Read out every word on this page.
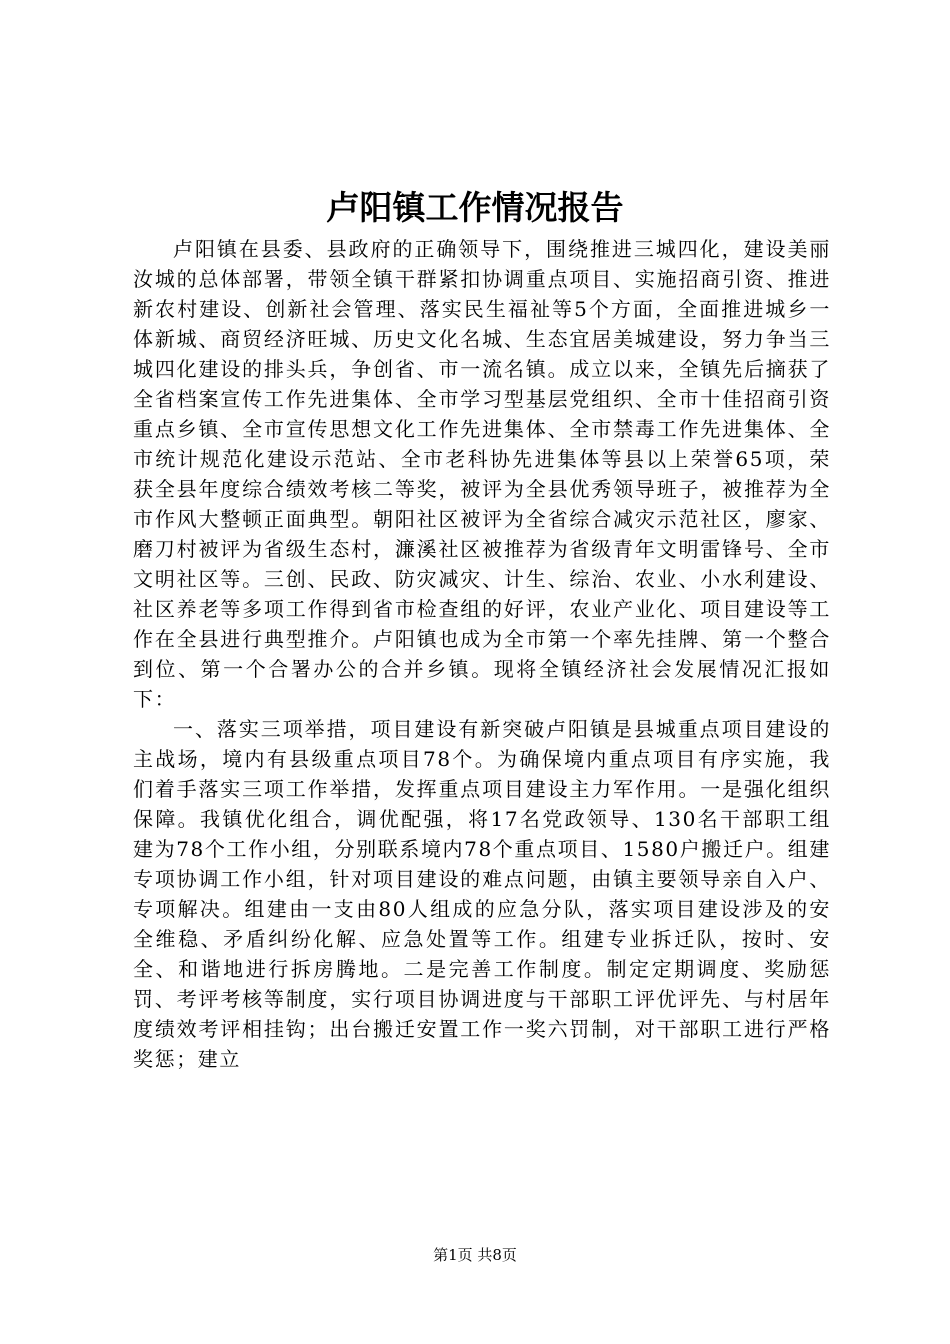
卢阳镇工作情况报告

卢阳镇在县委、县政府的正确领导下，围绕推进三城四化，建设美丽汝城的总体部署，带领全镇干群紧扣协调重点项目、实施招商引资、推进新农村建设、创新社会管理、落实民生福祉等5个方面，全面推进城乡一体新城、商贸经济旺城、历史文化名城、生态宜居美城建设，努力争当三城四化建设的排头兵，争创省、市一流名镇。成立以来，全镇先后摘获了全省档案宣传工作先进集体、全市学习型基层党组织、全市十佳招商引资重点乡镇、全市宣传思想文化工作先进集体、全市禁毒工作先进集体、全市统计规范化建设示范站、全市老科协先进集体等县以上荣誉65项，荣获全县年度综合绩效考核二等奖，被评为全县优秀领导班子，被推荐为全市作风大整顿正面典型。朝阳社区被评为全省综合减灾示范社区，廖家、磨刀村被评为省级生态村，濂溪社区被推荐为省级青年文明雷锋号、全市文明社区等。三创、民政、防灾减灾、计生、综治、农业、小水利建设、社区养老等多项工作得到省市检查组的好评，农业产业化、项目建设等工作在全县进行典型推介。卢阳镇也成为全市第一个率先挂牌、第一个整合到位、第一个合署办公的合并乡镇。现将全镇经济社会发展情况汇报如下：

一、落实三项举措，项目建设有新突破卢阳镇是县城重点项目建设的主战场，境内有县级重点项目78个。为确保境内重点项目有序实施，我们着手落实三项工作举措，发挥重点项目建设主力军作用。一是强化组织保障。我镇优化组合，调优配强，将17名党政领导、130名干部职工组建为78个工作小组，分别联系境内78个重点项目、1580户搬迁户。组建专项协调工作小组，针对项目建设的难点问题，由镇主要领导亲自入户、专项解决。组建由一支由80人组成的应急分队，落实项目建设涉及的安全维稳、矛盾纠纷化解、应急处置等工作。组建专业拆迁队，按时、安全、和谐地进行拆房腾地。二是完善工作制度。制定定期调度、奖励惩罚、考评考核等制度，实行项目协调进度与干部职工评优评先、与村居年度绩效考评相挂钩；出台搬迁安置工作一奖六罚制，对干部职工进行严格奖惩；建立

第1页 共8页
